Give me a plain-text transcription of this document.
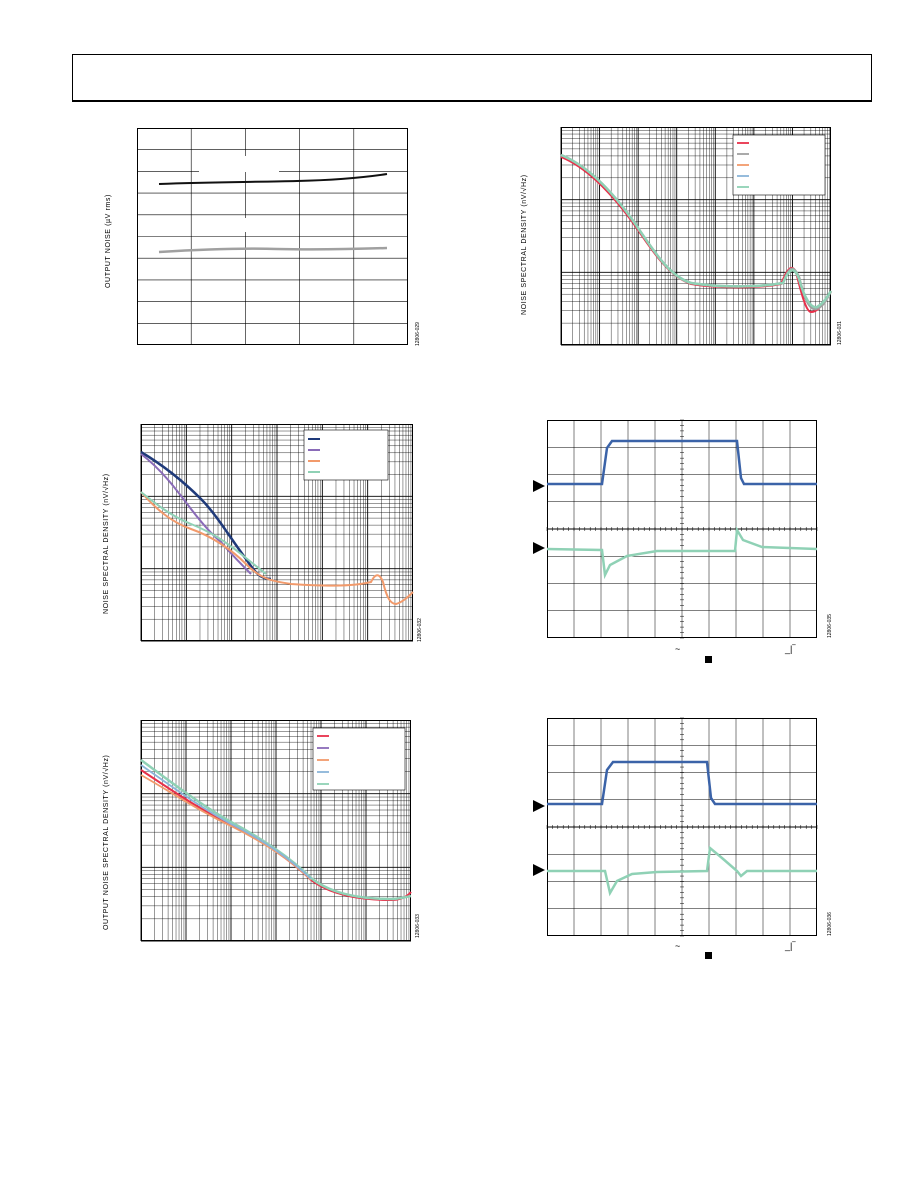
OUTPUT NOISE (µV rms)
12806-029
NOISE SPECTRAL DENSITY (nV/√Hz)
12806-031
NOISE SPECTRAL DENSITY (nV/√Hz)
12806-032
~	_|‾
12806-035
OUTPUT NOISE SPECTRAL DENSITY (nV/√Hz)	12806-033
~	_|‾
12806-036
